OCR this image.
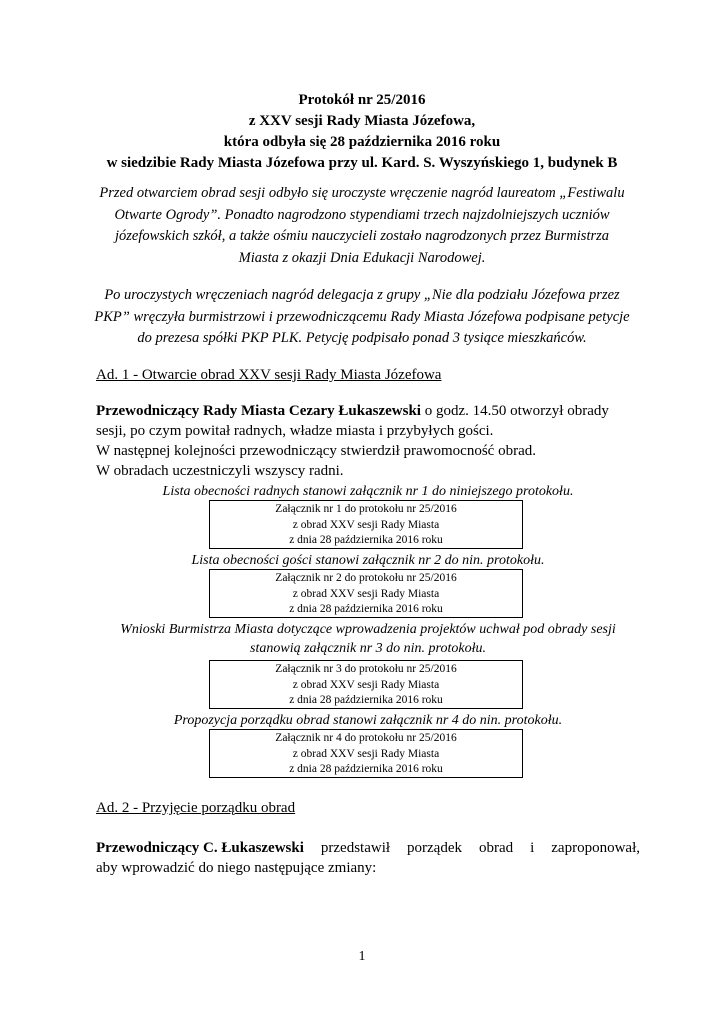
Protokół nr 25/2016
z XXV sesji Rady Miasta Józefowa,
która odbyła się 28 października 2016 roku
w siedzibie Rady Miasta Józefowa przy ul. Kard. S. Wyszyńskiego 1, budynek B
Przed otwarciem obrad sesji odbyło się uroczyste wręczenie nagród laureatom „Festiwalu
Otwarte Ogrody”. Ponadto nagrodzono stypendiami trzech najzdolniejszych uczniów
józefowskich szkół, a także ośmiu nauczycieli zostało nagrodzonych przez Burmistrza
Miasta z okazji Dnia Edukacji Narodowej.
Po uroczystych wręczeniach nagród delegacja z grupy „Nie dla podziału Józefowa przez
PKP” wręczyła burmistrzowi i przewodniczącemu Rady Miasta Józefowa podpisane petycje
do prezesa spółki PKP PLK. Petycję podpisało ponad 3 tysiące mieszkańców.
Ad. 1 - Otwarcie obrad XXV sesji Rady Miasta Józefowa
Przewodniczący Rady Miasta Cezary Łukaszewski o godz. 14.50 otworzył obrady
sesji, po czym powitał radnych, władze miasta i przybyłych gości.
W następnej kolejności przewodniczący stwierdził prawomocność obrad.
W obradach uczestniczyli wszyscy radni.
Lista obecności radnych stanowi załącznik nr 1 do niniejszego protokołu.
Załącznik nr 1 do protokołu nr 25/2016
z obrad XXV sesji Rady Miasta
z dnia 28 października 2016 roku
Lista obecności gości stanowi załącznik nr 2 do nin. protokołu.
Załącznik nr 2 do protokołu nr 25/2016
z obrad XXV sesji Rady Miasta
z dnia 28 października 2016 roku
Wnioski Burmistrza Miasta dotyczące wprowadzenia projektów uchwał pod obrady sesji
stanowią załącznik nr 3 do nin. protokołu.
Załącznik nr 3 do protokołu nr 25/2016
z obrad XXV sesji Rady Miasta
z dnia 28 października 2016 roku
Propozycja porządku obrad stanowi załącznik nr 4 do nin. protokołu.
Załącznik nr 4 do protokołu nr 25/2016
z obrad XXV sesji Rady Miasta
z dnia 28 października 2016 roku
Ad. 2 - Przyjęcie porządku obrad
Przewodniczący C. Łukaszewski przedstawił porządek obrad i zaproponował,
aby wprowadzić do niego następujące zmiany:
1
